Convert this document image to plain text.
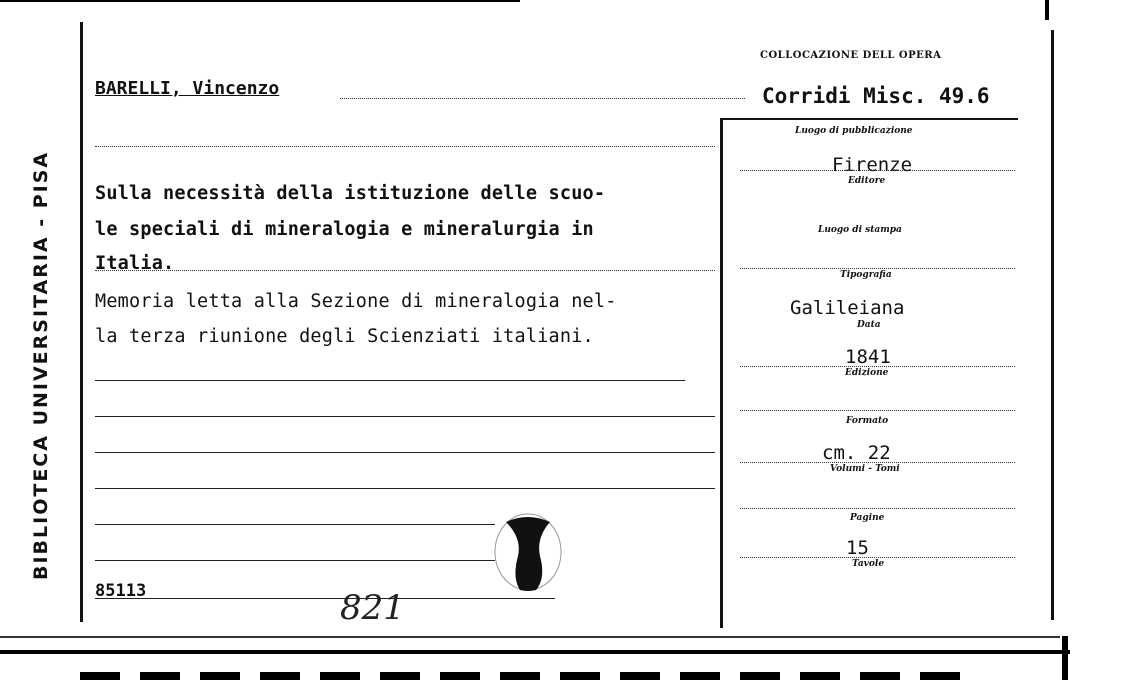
BIBLIOTECA UNIVERSITARIA - PISA
COLLOCAZIONE DELL OPERA
Corridi Misc. 49.6
BARELLI, Vincenzo
Sulla necessità della istituzione delle scuo-
le speciali di mineralogia e mineralurgia in
Italia.
Memoria letta alla Sezione di mineralogia nel-
la terza riunione degli Scienziati italiani.
85113	821
Luogo di pubblicazione
Firenze
Editore
Luogo di stampa
Tipografia
Galileiana
Data
1841
Edizione
Formato
cm. 22
Volumi - Tomi
Pagine
15
Tavole
